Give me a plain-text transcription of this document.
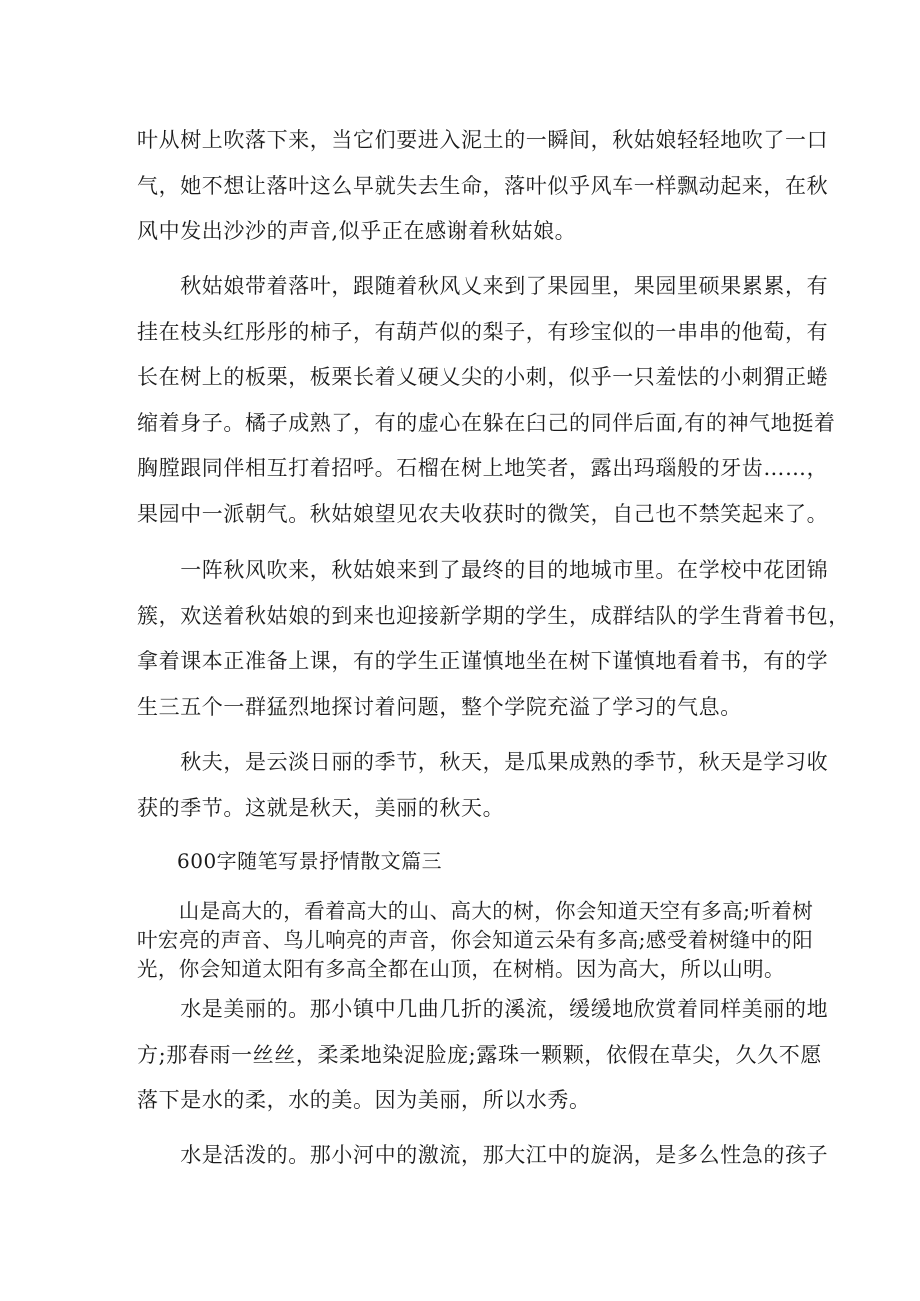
叶从树上吹落下来，当它们要进入泥土的一瞬间，秋姑娘轻轻地吹了一口
气，她不想让落叶这么早就失去生命，落叶似乎风车一样飘动起来，在秋
风中发出沙沙的声音,似乎正在感谢着秋姑娘。
　　秋姑娘带着落叶，跟随着秋风乂来到了果园里，果园里硕果累累，有
挂在枝头红彤彤的柿子，有葫芦似的梨子，有珍宝似的一串串的他萄，有
长在树上的板栗，板栗长着乂硬乂尖的小刺，似乎一只羞怯的小刺猬正蜷
缩着身子。橘子成熟了，有的虚心在躲在臼己的同伴后面,有的神气地挺着
胸膛跟同伴相互打着招呼。石榴在树上地笑者，露出玛瑙般的牙齿……，
果园中一派朝气。秋姑娘望见农夫收获时的微笑，自己也不禁笑起来了。
　　一阵秋风吹来，秋姑娘来到了最终的目的地城市里。在学校中花团锦
簇，欢送着秋姑娘的到来也迎接新学期的学生，成群结队的学生背着书包，
拿着课本正准备上课，有的学生正谨慎地坐在树下谨慎地看着书，有的学
生三五个一群猛烈地探讨着问题，整个学院充溢了学习的气息。
　　秋夫，是云淡日丽的季节，秋天，是瓜果成熟的季节，秋天是学习收
获的季节。这就是秋天，美丽的秋天。
600字随笔写景抒情散文篇三
　　山是高大的，看着高大的山、高大的树，你会知道天空有多高;听着树
叶宏亮的声音、鸟儿响亮的声音，你会知道云朵有多高;感受着树缝中的阳
光，你会知道太阳有多高全都在山顶，在树梢。因为高大，所以山明。
　　水是美丽的。那小镇中几曲几折的溪流，缓缓地欣赏着同样美丽的地
方;那春雨一丝丝，柔柔地染浞脸庞;露珠一颗颗，依假在草尖，久久不愿
落下是水的柔，水的美。因为美丽，所以水秀。
　　水是活泼的。那小河中的激流，那大江中的旋涡，是多么性急的孩子
